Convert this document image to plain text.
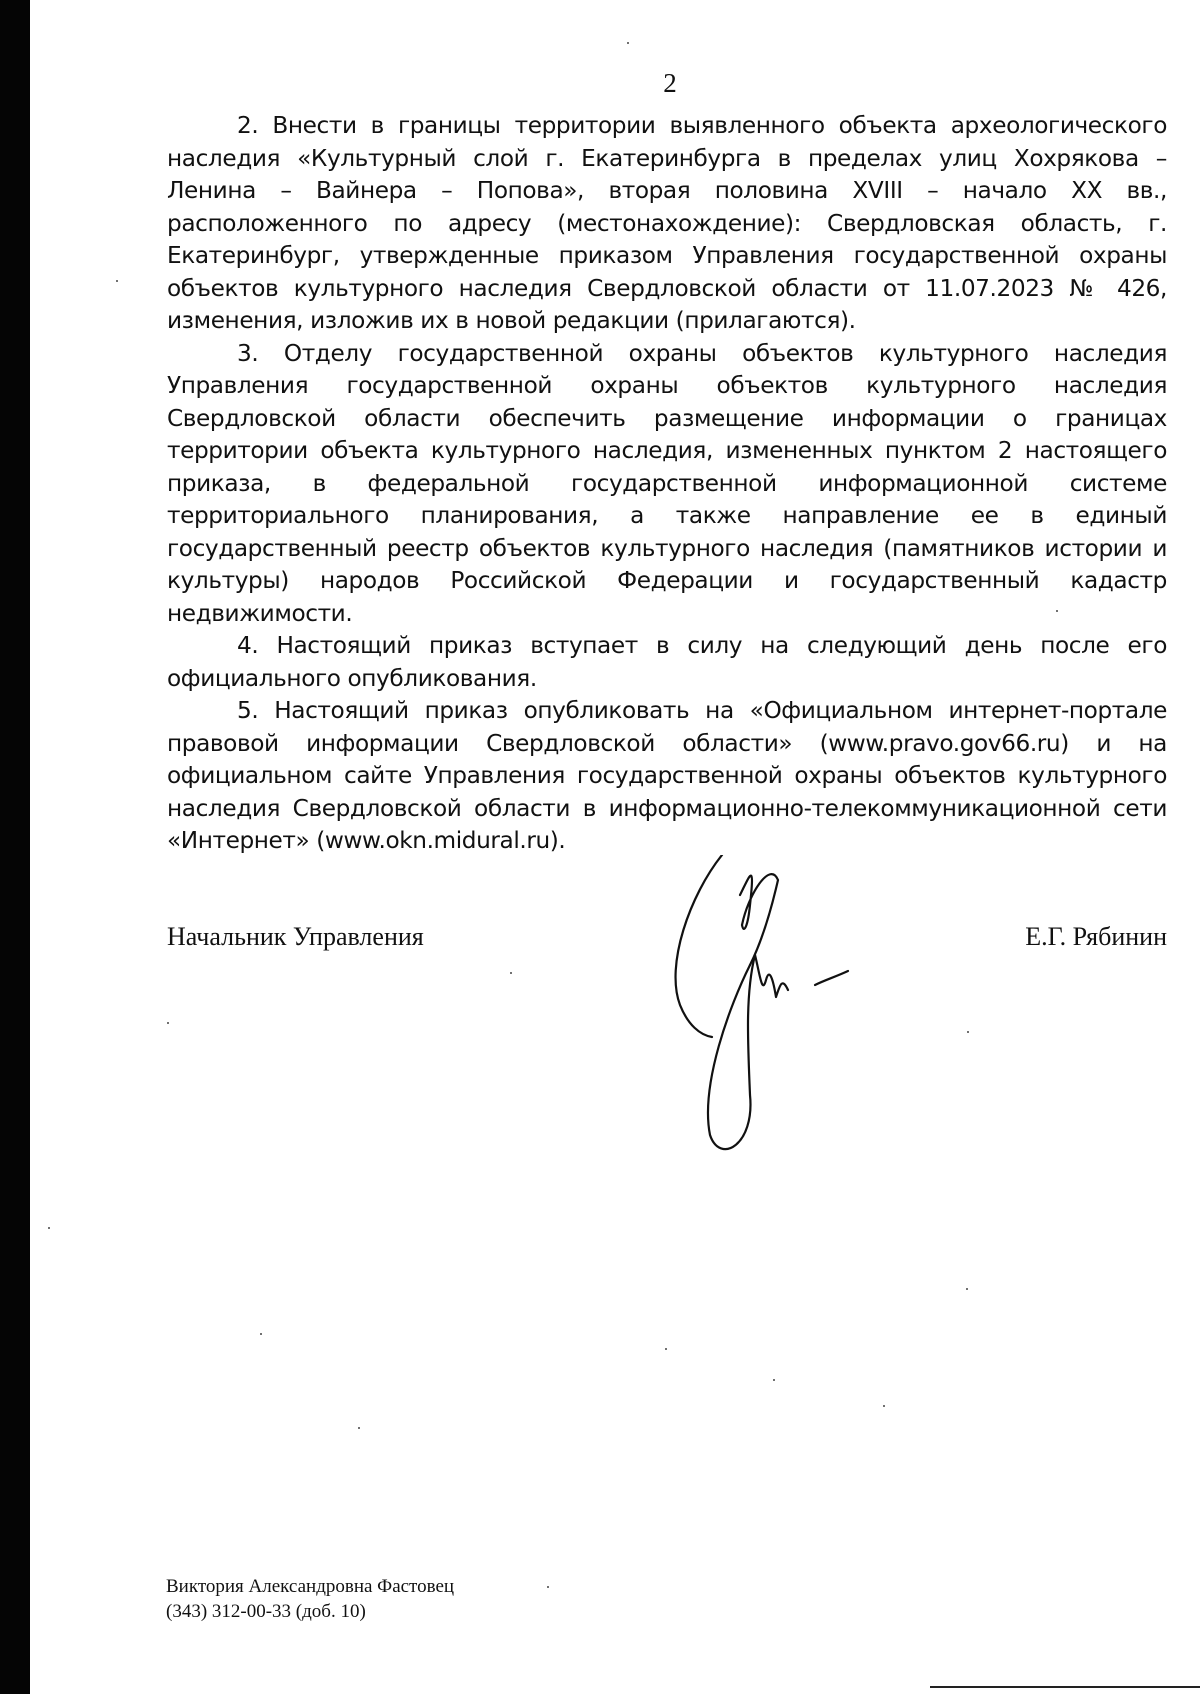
2

2. Внести в границы территории выявленного объекта археологического наследия «Культурный слой г. Екатеринбурга в пределах улиц Хохрякова – Ленина – Вайнера – Попова», вторая половина XVIII – начало XX вв., расположенного по адресу (местонахождение): Свердловская область, г. Екатеринбург, утвержденные приказом Управления государственной охраны объектов культурного наследия Свердловской области от 11.07.2023 № 426, изменения, изложив их в новой редакции (прилагаются).

3. Отделу государственной охраны объектов культурного наследия Управления государственной охраны объектов культурного наследия Свердловской области обеспечить размещение информации о границах территории объекта культурного наследия, измененных пунктом 2 настоящего приказа, в федеральной государственной информационной системе территориального планирования, а также направление ее в единый государственный реестр объектов культурного наследия (памятников истории и культуры) народов Российской Федерации и государственный кадастр недвижимости.

4. Настоящий приказ вступает в силу на следующий день после его официального опубликования.

5. Настоящий приказ опубликовать на «Официальном интернет-портале правовой информации Свердловской области» (www.pravo.gov66.ru) и на официальном сайте Управления государственной охраны объектов культурного наследия Свердловской области в информационно-телекоммуникационной сети «Интернет» (www.okn.midural.ru).

Начальник Управления	Е.Г. Рябинин
Виктория Александровна Фастовец
(343) 312-00-33 (доб. 10)
